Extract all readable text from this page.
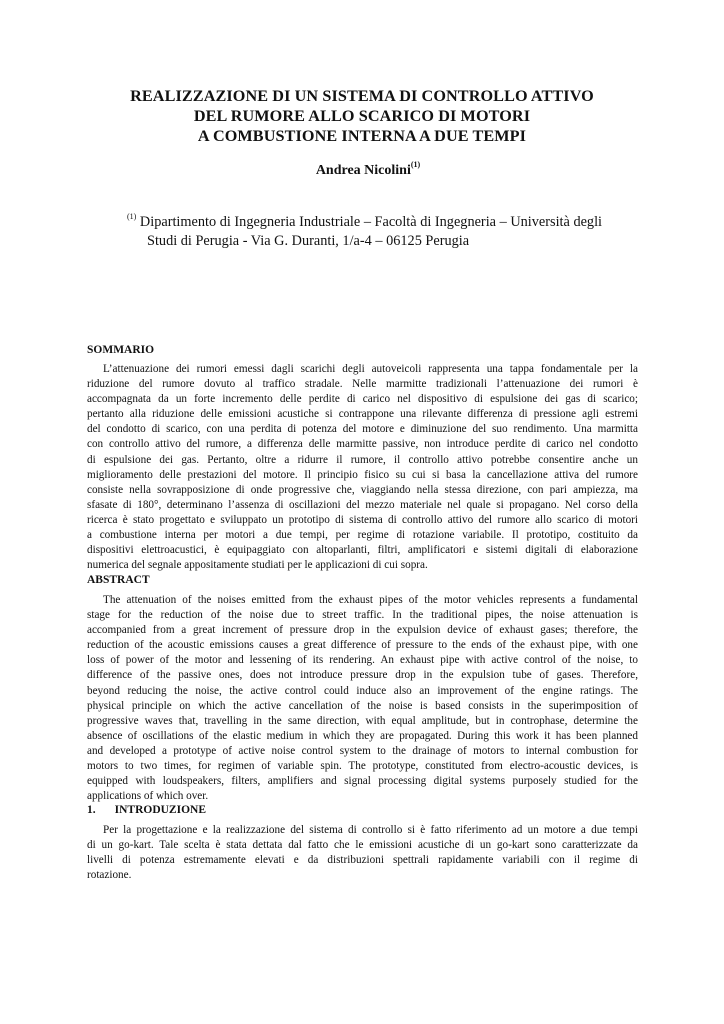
REALIZZAZIONE DI UN SISTEMA DI CONTROLLO ATTIVO
DEL RUMORE ALLO SCARICO DI MOTORI
A COMBUSTIONE INTERNA A DUE TEMPI
Andrea Nicolini$^{(1)}$
$^{(1)}$ Dipartimento di Ingegneria Industriale – Facoltà di Ingegneria – Università degli
Studi di Perugia - Via G. Duranti, 1/a-4 – 06125 Perugia
SOMMARIO
L’attenuazione dei rumori emessi dagli scarichi degli autoveicoli rappresenta una tappa fondamentale per la
riduzione del rumore dovuto al traffico stradale. Nelle marmitte tradizionali l’attenuazione dei rumori è
accompagnata da un forte incremento delle perdite di carico nel dispositivo di espulsione dei gas di scarico;
pertanto alla riduzione delle emissioni acustiche si contrappone una rilevante differenza di pressione agli estremi
del condotto di scarico, con una perdita di potenza del motore e diminuzione del suo rendimento. Una marmitta
con controllo attivo del rumore, a differenza delle marmitte passive, non introduce perdite di carico nel condotto
di espulsione dei gas. Pertanto, oltre a ridurre il rumore, il controllo attivo potrebbe consentire anche un
miglioramento delle prestazioni del motore. Il principio fisico su cui si basa la cancellazione attiva del rumore
consiste nella sovrapposizione di onde progressive che, viaggiando nella stessa direzione, con pari ampiezza, ma
sfasate di 180°, determinano l’assenza di oscillazioni del mezzo materiale nel quale si propagano. Nel corso della
ricerca è stato progettato e sviluppato un prototipo di sistema di controllo attivo del rumore allo scarico di motori
a combustione interna per motori a due tempi, per regime di rotazione variabile. Il prototipo, costituito da
dispositivi elettroacustici, è equipaggiato con altoparlanti, filtri, amplificatori e sistemi digitali di elaborazione
numerica del segnale appositamente studiati per le applicazioni di cui sopra.
ABSTRACT
The attenuation of the noises emitted from the exhaust pipes of the motor vehicles represents a fundamental
stage for the reduction of the noise due to street traffic. In the traditional pipes, the noise attenuation is
accompanied from a great increment of pressure drop in the expulsion device of exhaust gases; therefore, the
reduction of the acoustic emissions causes a great difference of pressure to the ends of the exhaust pipe, with one
loss of power of the motor and lessening of its rendering. An exhaust pipe with active control of the noise, to
difference of the passive ones, does not introduce pressure drop in the expulsion tube of gases. Therefore,
beyond reducing the noise, the active control could induce also an improvement of the engine ratings. The
physical principle on which the active cancellation of the noise is based consists in the superimposition of
progressive waves that, travelling in the same direction, with equal amplitude, but in controphase, determine the
absence of oscillations of the elastic medium in which they are propagated. During this work it has been planned
and developed a prototype of active noise control system to the drainage of motors to internal combustion for
motors to two times, for regimen of variable spin. The prototype, constituted from electro-acoustic devices, is
equipped with loudspeakers, filters, amplifiers and signal processing digital systems purposely studied for the
applications of which over.
1. INTRODUZIONE
Per la progettazione e la realizzazione del sistema di controllo si è fatto riferimento ad un motore a due tempi
di un go-kart. Tale scelta è stata dettata dal fatto che le emissioni acustiche di un go-kart sono caratterizzate da
livelli di potenza estremamente elevati e da distribuzioni spettrali rapidamente variabili con il regime di
rotazione.
